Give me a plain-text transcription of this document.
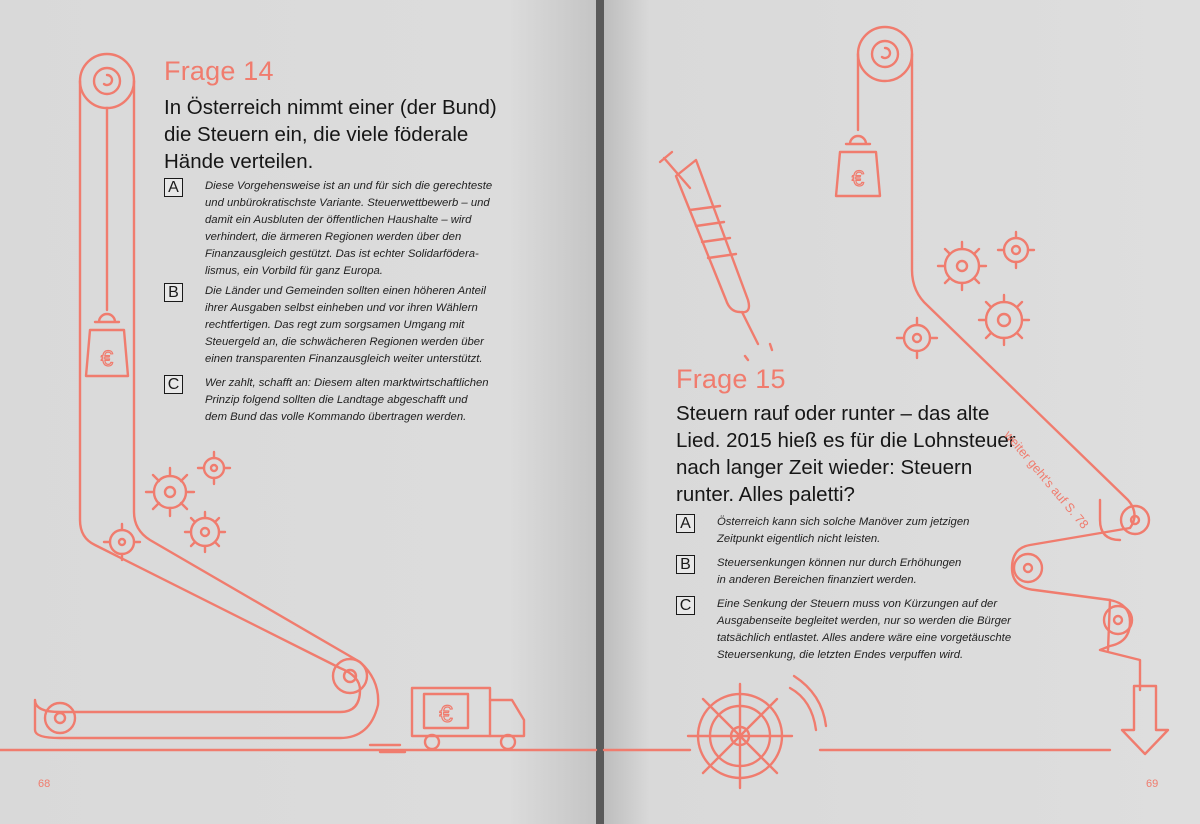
€
€
€
Frage 14

In Österreich nimmt einer (der Bund)
die Steuern ein, die viele föderale
Hände verteilen.

A	Diese Vorgehensweise ist an und für sich die gerechteste
und unbürokratischste Variante. Steuerwettbewerb – und
damit ein Ausbluten der öffentlichen Haushalte – wird
verhindert, die ärmeren Regionen werden über den
Finanzausgleich gestützt. Das ist echter Solidarfödera-
lismus, ein Vorbild für ganz Europa.
B	Die Länder und Gemeinden sollten einen höheren Anteil
ihrer Ausgaben selbst einheben und vor ihren Wählern
rechtfertigen. Das regt zum sorgsamen Umgang mit
Steuergeld an, die schwächeren Regionen werden über
einen transparenten Finanzausgleich weiter unterstützt.
C	Wer zahlt, schafft an: Diesem alten marktwirtschaftlichen
Prinzip folgend sollten die Landtage abgeschafft und
dem Bund das volle Kommando übertragen werden.
68
Frage 15

Steuern rauf oder runter – das alte
Lied. 2015 hieß es für die Lohnsteuer
nach langer Zeit wieder: Steuern
runter. Alles paletti?

A	Österreich kann sich solche Manöver zum jetzigen
Zeitpunkt eigentlich nicht leisten.
B	Steuersenkungen können nur durch Erhöhungen
in anderen Bereichen finanziert werden.
C	Eine Senkung der Steuern muss von Kürzungen auf der
Ausgabenseite begleitet werden, nur so werden die Bürger
tatsächlich entlastet. Alles andere wäre eine vorgetäuschte
Steuersenkung, die letzten Endes verpuffen wird.
weiter geht's auf S. 78
69
